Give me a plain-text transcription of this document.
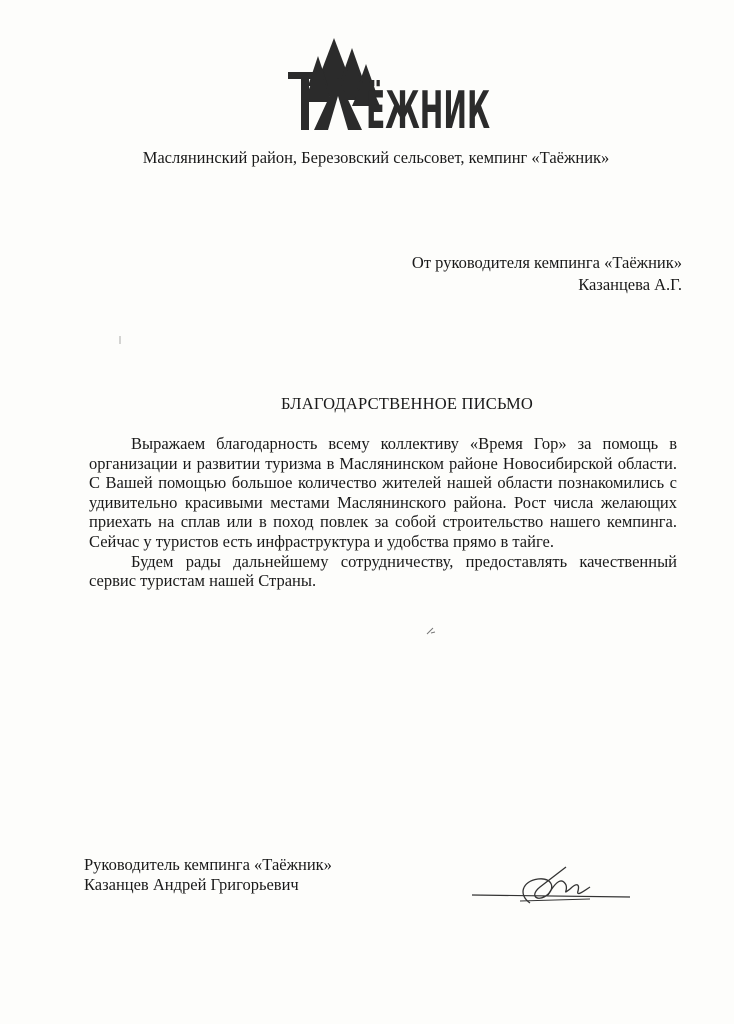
ЁЖНИК
Маслянинский район, Березовский сельсовет, кемпинг «Таёжник»
От руководителя кемпинга «Таёжник»
Казанцева А.Г.
БЛАГОДАРСТВЕННОЕ ПИСЬМО

Выражаем благодарность всему коллективу «Время Гор» за помощь в организации и развитии туризма в Маслянинском районе Новосибирской области. С Вашей помощью большое количество жителей нашей области познакомились с удивительно красивыми местами Маслянинского района. Рост числа желающих приехать на сплав или в поход повлек за собой строительство нашего кемпинга. Сейчас у туристов есть инфраструктура и удобства прямо в тайге.

Будем рады дальнейшему сотрудничеству, предоставлять качественный сервис туристам нашей Страны.

Руководитель кемпинга «Таёжник»
Казанцев Андрей Григорьевич
